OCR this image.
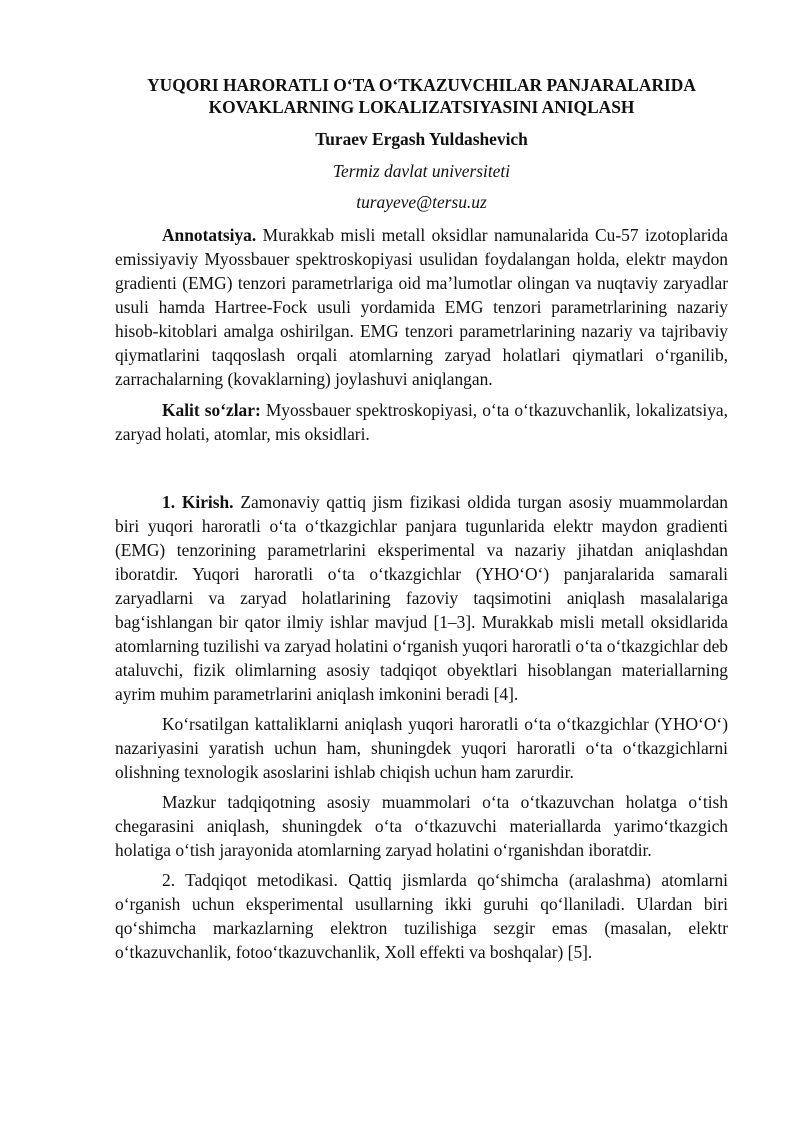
YUQORI HARORATLI O‘TA O‘TKAZUVCHILAR PANJARALARIDA
KOVAKLARNING LOKALIZATSIYASINI ANIQLASH
Turaev Ergash Yuldashevich
Termiz davlat universiteti
turayeve@tersu.uz

Annotatsiya. Murakkab misli metall oksidlar namunalarida Cu-57 izotoplarida emissiyaviy Myossbauer spektroskopiyasi usulidan foydalangan holda, elektr maydon gradienti (EMG) tenzori parametrlariga oid ma’lumotlar olingan va nuqtaviy zaryadlar usuli hamda Hartree-Fock usuli yordamida EMG tenzori parametrlarining nazariy hisob-kitoblari amalga oshirilgan. EMG tenzori parametrlarining nazariy va tajribaviy qiymatlarini taqqoslash orqali atomlarning zaryad holatlari qiymatlari o‘rganilib, zarrachalarning (kovaklarning) joylashuvi aniqlangan.

Kalit so‘zlar: Myossbauer spektroskopiyasi, o‘ta o‘tkazuvchanlik, lokalizatsiya, zaryad holati, atomlar, mis oksidlari.

1. Kirish. Zamonaviy qattiq jism fizikasi oldida turgan asosiy muammolardan biri yuqori haroratli o‘ta o‘tkazgichlar panjara tugunlarida elektr maydon gradienti (EMG) tenzorining parametrlarini eksperimental va nazariy jihatdan aniqlashdan iboratdir. Yuqori haroratli o‘ta o‘tkazgichlar (YHO‘O‘) panjaralarida samarali zaryadlarni va zaryad holatlarining fazoviy taqsimotini aniqlash masalalariga bag‘ishlangan bir qator ilmiy ishlar mavjud [1–3]. Murakkab misli metall oksidlarida atomlarning tuzilishi va zaryad holatini o‘rganish yuqori haroratli o‘ta o‘tkazgichlar deb ataluvchi, fizik olimlarning asosiy tadqiqot obyektlari hisoblangan materiallarning ayrim muhim parametrlarini aniqlash imkonini beradi [4].

Ko‘rsatilgan kattaliklarni aniqlash yuqori haroratli o‘ta o‘tkazgichlar (YHO‘O‘) nazariyasini yaratish uchun ham, shuningdek yuqori haroratli o‘ta o‘tkazgichlarni olishning texnologik asoslarini ishlab chiqish uchun ham zarurdir.

Mazkur tadqiqotning asosiy muammolari o‘ta o‘tkazuvchan holatga o‘tish chegarasini aniqlash, shuningdek o‘ta o‘tkazuvchi materiallarda yarimo‘tkazgich holatiga o‘tish jarayonida atomlarning zaryad holatini o‘rganishdan iboratdir.

2. Tadqiqot metodikasi. Qattiq jismlarda qo‘shimcha (aralashma) atomlarni o‘rganish uchun eksperimental usullarning ikki guruhi qo‘llaniladi. Ulardan biri qo‘shimcha markazlarning elektron tuzilishiga sezgir emas (masalan, elektr o‘tkazuvchanlik, fotoo‘tkazuvchanlik, Xoll effekti va boshqalar) [5].
